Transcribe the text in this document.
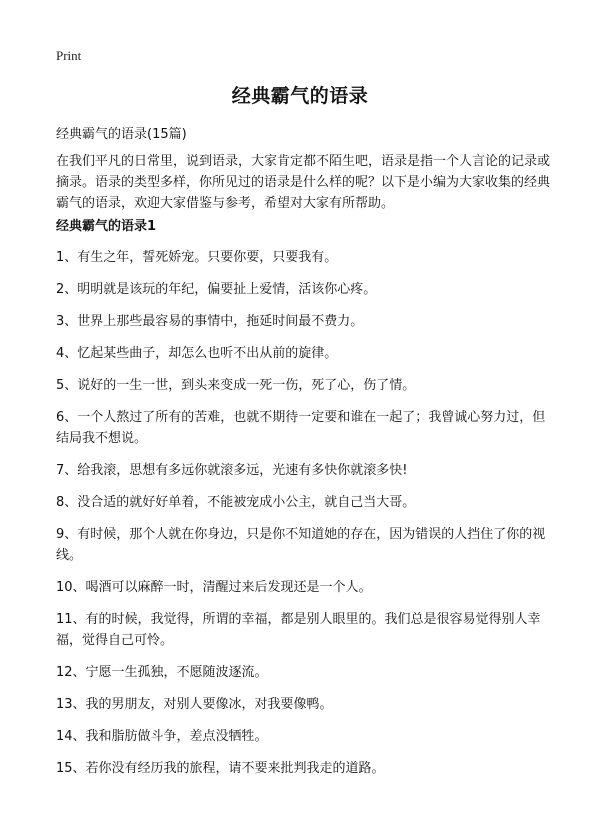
Print
经典霸气的语录
经典霸气的语录(15篇)

在我们平凡的日常里，说到语录，大家肯定都不陌生吧，语录是指一个人言论的记录或摘录。语录的类型多样，你所见过的语录是什么样的呢？以下是小编为大家收集的经典霸气的语录，欢迎大家借鉴与参考，希望对大家有所帮助。

经典霸气的语录1
1、有生之年，誓死娇宠。只要你要，只要我有。
2、明明就是该玩的年纪，偏要扯上爱情，活该你心疼。
3、世界上那些最容易的事情中，拖延时间最不费力。
4、忆起某些曲子，却怎么也听不出从前的旋律。
5、说好的一生一世，到头来变成一死一伤，死了心，伤了情。
6、一个人熬过了所有的苦难，也就不期待一定要和谁在一起了；我曾诚心努力过，但结局我不想说。
7、给我滚，思想有多远你就滚多远，光速有多快你就滚多快!
8、没合适的就好好单着，不能被宠成小公主，就自己当大哥。
9、有时候，那个人就在你身边，只是你不知道她的存在，因为错误的人挡住了你的视线。
10、喝酒可以麻醉一时，清醒过来后发现还是一个人。
11、有的时候，我觉得，所谓的幸福，都是别人眼里的。我们总是很容易觉得别人幸福，觉得自己可怜。
12、宁愿一生孤独，不愿随波逐流。
13、我的男朋友，对别人要像冰，对我要像鸭。
14、我和脂肪做斗争，差点没牺牲。
15、若你没有经历我的旅程，请不要来批判我走的道路。
